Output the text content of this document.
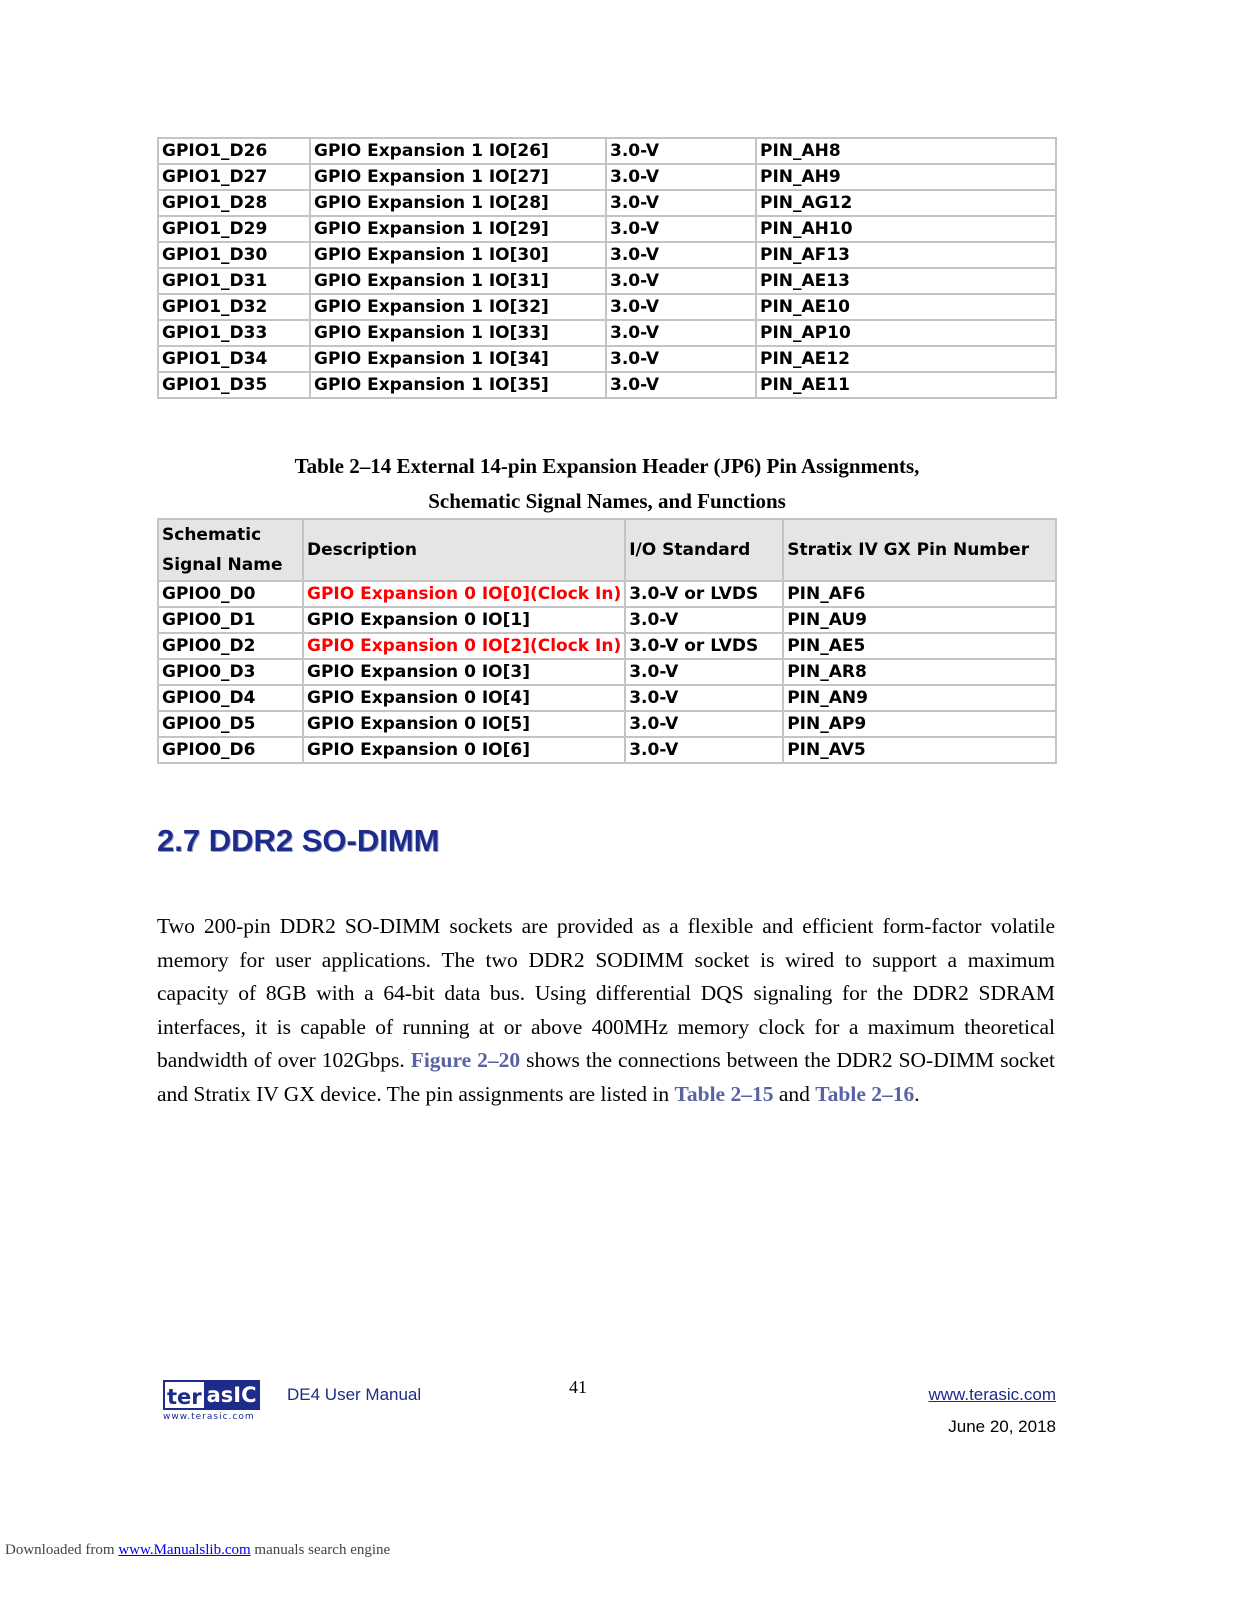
GPIO1_D26	GPIO Expansion 1 IO[26]	3.0-V	PIN_AH8
GPIO1_D27	GPIO Expansion 1 IO[27]	3.0-V	PIN_AH9
GPIO1_D28	GPIO Expansion 1 IO[28]	3.0-V	PIN_AG12
GPIO1_D29	GPIO Expansion 1 IO[29]	3.0-V	PIN_AH10
GPIO1_D30	GPIO Expansion 1 IO[30]	3.0-V	PIN_AF13
GPIO1_D31	GPIO Expansion 1 IO[31]	3.0-V	PIN_AE13
GPIO1_D32	GPIO Expansion 1 IO[32]	3.0-V	PIN_AE10
GPIO1_D33	GPIO Expansion 1 IO[33]	3.0-V	PIN_AP10
GPIO1_D34	GPIO Expansion 1 IO[34]	3.0-V	PIN_AE12
GPIO1_D35	GPIO Expansion 1 IO[35]	3.0-V	PIN_AE11
Table 2–14 External 14-pin Expansion Header (JP6) Pin Assignments,
Schematic Signal Names, and Functions
Schematic
Signal Name	Description	I/O Standard	Stratix IV GX Pin Number
GPIO0_D0	GPIO Expansion 0 IO[0](Clock In)	3.0-V or LVDS	PIN_AF6
GPIO0_D1	GPIO Expansion 0 IO[1]	3.0-V	PIN_AU9
GPIO0_D2	GPIO Expansion 0 IO[2](Clock In)	3.0-V or LVDS	PIN_AE5
GPIO0_D3	GPIO Expansion 0 IO[3]	3.0-V	PIN_AR8
GPIO0_D4	GPIO Expansion 0 IO[4]	3.0-V	PIN_AN9
GPIO0_D5	GPIO Expansion 0 IO[5]	3.0-V	PIN_AP9
GPIO0_D6	GPIO Expansion 0 IO[6]	3.0-V	PIN_AV5
2.7 DDR2 SO-DIMM

Two 200-pin DDR2 SO-DIMM sockets are provided as a flexible and efficient form-factor volatile memory for user applications. The two DDR2 SODIMM socket is wired to support a maximum capacity of 8GB with a 64-bit data bus. Using differential DQS signaling for the DDR2 SDRAM interfaces, it is capable of running at or above 400MHz memory clock for a maximum theoretical bandwidth of over 102Gbps. Figure 2–20 shows the connections between the DDR2 SO-DIMM socket and Stratix IV GX device. The pin assignments are listed in Table 2–15 and Table 2–16.

ter asIC
www.terasic.com
DE4 User Manual	41	www.terasic.com
June 20, 2018
Downloaded from www.Manualslib.com manuals search engine
